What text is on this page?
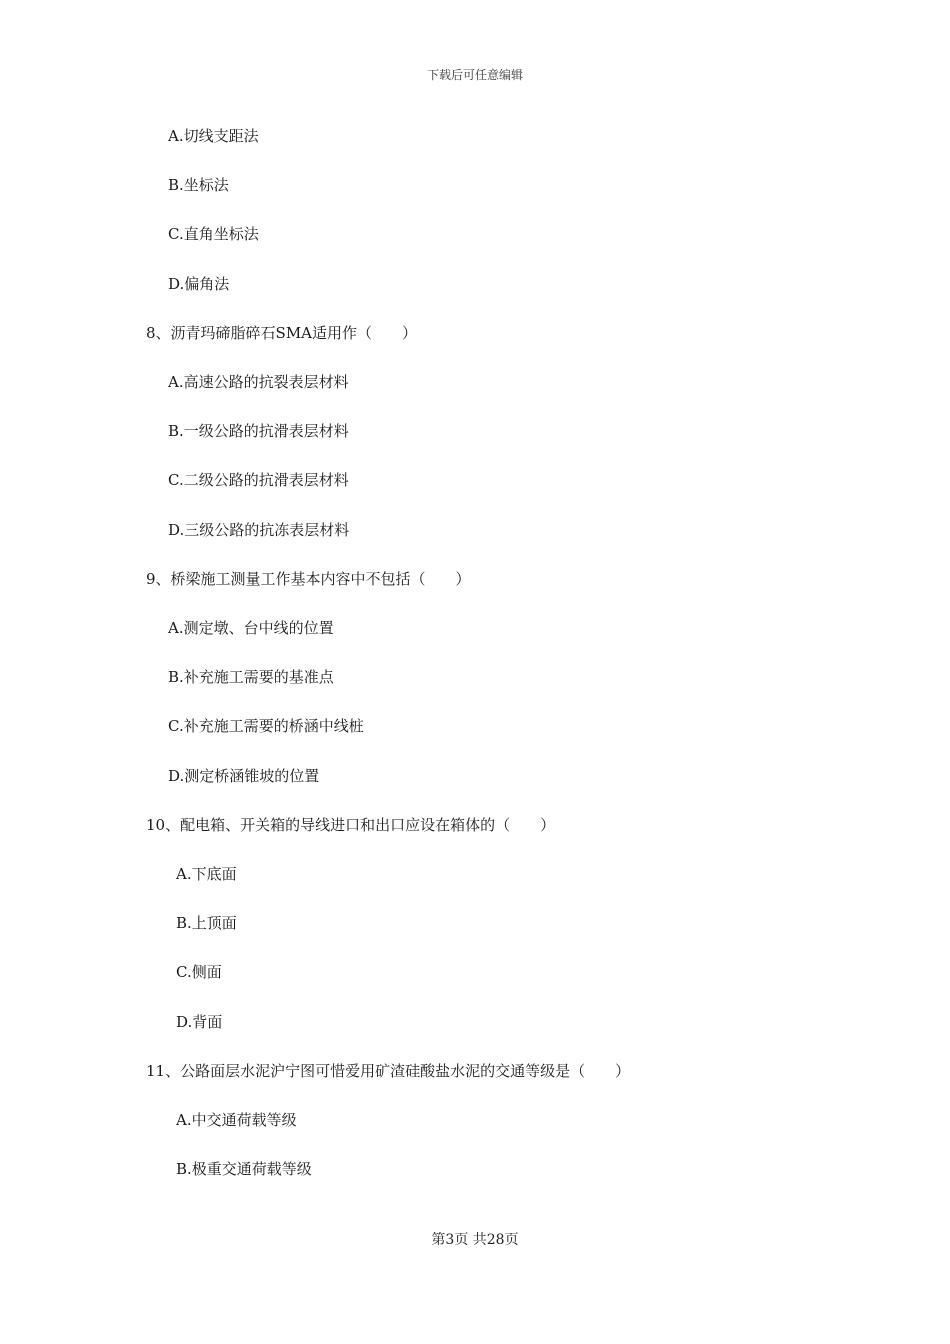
下载后可任意编辑
A.切线支距法
B.坐标法
C.直角坐标法
D.偏角法
8、沥青玛碲脂碎石SMA适用作（　　）
A.高速公路的抗裂表层材料
B.一级公路的抗滑表层材料
C.二级公路的抗滑表层材料
D.三级公路的抗冻表层材料
9、桥梁施工测量工作基本内容中不包括（　　）
A.测定墩、台中线的位置
B.补充施工需要的基准点
C.补充施工需要的桥涵中线桩
D.测定桥涵锥坡的位置
10、配电箱、开关箱的导线进口和出口应设在箱体的（　　）
A.下底面
B.上顶面
C.侧面
D.背面
11、公路面层水泥沪宁图可惜爱用矿渣硅酸盐水泥的交通等级是（　　）
A.中交通荷载等级
B.极重交通荷载等级
第3页 共28页
